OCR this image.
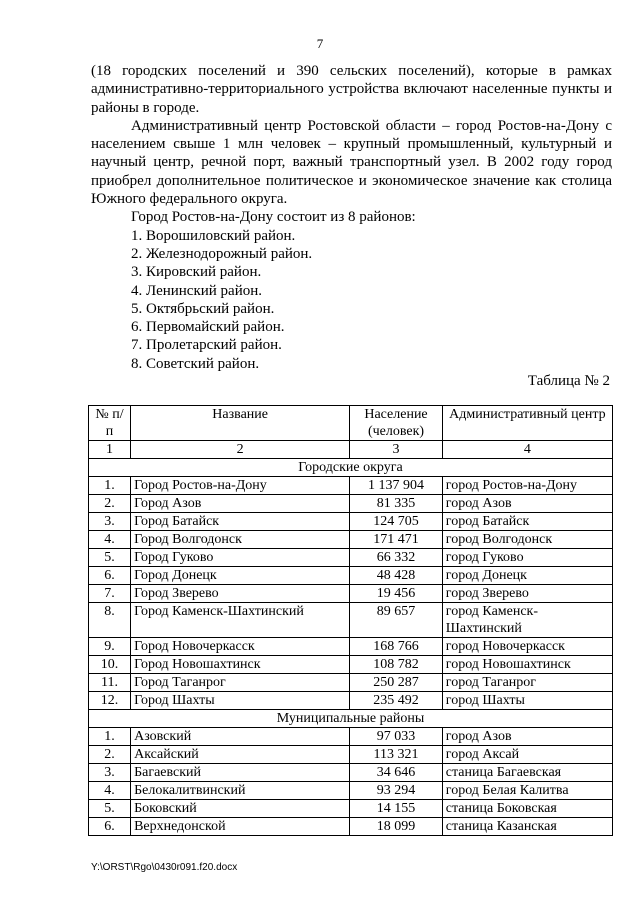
7

(18 городских поселений и 390 сельских поселений), которые в рамках административно-территориального устройства включают населенные пункты и районы в городе.

Административный центр Ростовской области – город Ростов-на-Дону с населением свыше 1 млн человек – крупный промышленный, культурный и научный центр, речной порт, важный транспортный узел. В 2002 году город приобрел дополнительное политическое и экономическое значение как столица Южного федерального округа.

Город Ростов-на-Дону состоит из 8 районов:

1. Ворошиловский район.

2. Железнодорожный район.

3. Кировский район.

4. Ленинский район.

5. Октябрьский район.

6. Первомайский район.

7. Пролетарский район.

8. Советский район.

Таблица № 2
№ п/п	Название	Население (человек)	Административный центр
1	2	3	4
Городские округа			
1.	Город Ростов-на-Дону	1 137 904	город Ростов-на-Дону
2.	Город Азов	81 335	город Азов
3.	Город Батайск	124 705	город Батайск
4.	Город Волгодонск	171 471	город Волгодонск
5.	Город Гуково	66 332	город Гуково
6.	Город Донецк	48 428	город Донецк
7.	Город Зверево	19 456	город Зверево
8.	Город Каменск-Шахтинский	89 657	город Каменск-Шахтинский
9.	Город Новочеркасск	168 766	город Новочеркасск
10.	Город Новошахтинск	108 782	город Новошахтинск
11.	Город Таганрог	250 287	город Таганрог
12.	Город Шахты	235 492	город Шахты
Муниципальные районы			
1.	Азовский	97 033	город Азов
2.	Аксайский	113 321	город Аксай
3.	Багаевский	34 646	станица Багаевская
4.	Белокалитвинский	93 294	город Белая Калитва
5.	Боковский	14 155	станица Боковская
6.	Верхнедонской	18 099	станица Казанская
Y:\ORST\Rgo\0430r091.f20.docx
